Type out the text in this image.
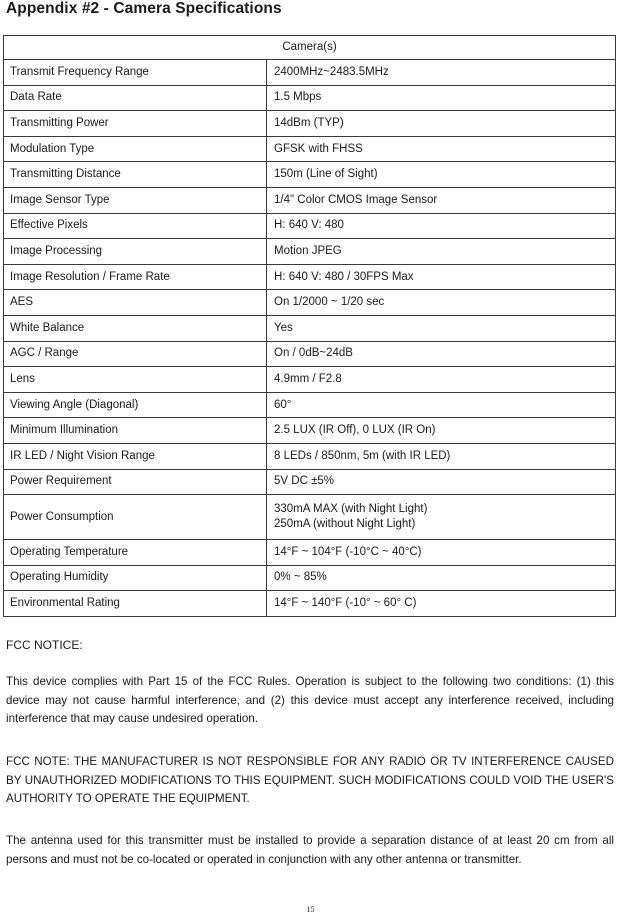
Appendix #2 - Camera Specifications
Camera(s)	
Transmit Frequency Range	2400MHz~2483.5MHz

Data Rate	1.5 Mbps

Transmitting Power	14dBm (TYP)

Modulation Type	GFSK with FHSS

Transmitting Distance	150m (Line of Sight)

Image Sensor Type	1/4" Color CMOS Image Sensor

Effective Pixels	H: 640 V: 480

Image Processing	Motion JPEG

Image Resolution / Frame Rate	H: 640 V: 480 / 30FPS Max

AES	On 1/2000 ~ 1/20 sec

White Balance	Yes

AGC / Range	On / 0dB~24dB

Lens	4.9mm / F2.8

Viewing Angle (Diagonal)	60°

Minimum Illumination	2.5 LUX (IR Off), 0 LUX (IR On)

IR LED / Night Vision Range	8 LEDs / 850nm, 5m (with IR LED)

Power Requirement	5V DC ±5%

Power Consumption	330mA MAX (with Night Light)
250mA (without Night Light)

Operating Temperature	14°F ~ 104°F (-10°C ~ 40°C)

Operating Humidity	0% ~ 85%

Environmental Rating	14°F ~ 140°F (-10° ~ 60° C)
FCC NOTICE:

This device complies with Part 15 of the FCC Rules. Operation is subject to the following two conditions: (1) this device may not cause harmful interference, and (2) this device must accept any interference received, including interference that may cause undesired operation.

FCC NOTE: THE MANUFACTURER IS NOT RESPONSIBLE FOR ANY RADIO OR TV INTERFERENCE CAUSED BY UNAUTHORIZED MODIFICATIONS TO THIS EQUIPMENT. SUCH MODIFICATIONS COULD VOID THE USER'S AUTHORITY TO OPERATE THE EQUIPMENT.

The antenna used for this transmitter must be installed to provide a separation distance of at least 20 cm from all persons and must not be co-located or operated in conjunction with any other antenna or transmitter.

15
